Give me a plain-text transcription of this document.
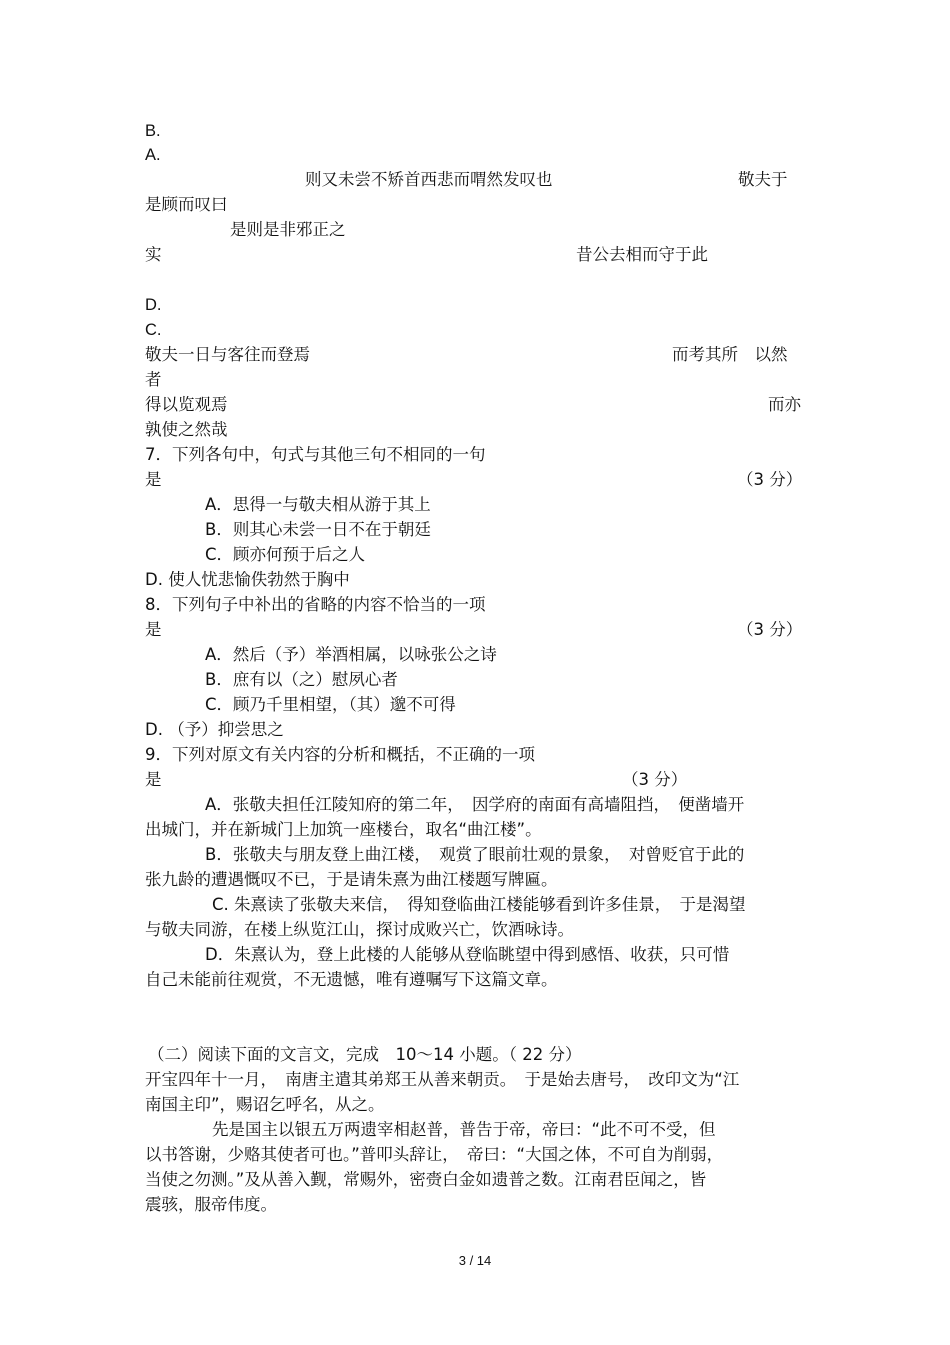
B.
A.
则又未尝不矫首西悲而喟然发叹也	敬夫于
是顾而叹曰
是则是非邪正之
实	昔公去相而守于此
D.
C.
敬夫一日与客往而登焉	而考其所　以然
者
得以览观焉	而亦
孰使之然哉
7．下列各句中，句式与其他三句不相同的一句
是	（3 分）
A．思得一与敬夫相从游于其上
B．则其心未尝一日不在于朝廷
C．顾亦何预于后之人
D. 使人忧悲愉佚勃然于胸中
8．下列句子中补出的省略的内容不恰当的一项
是	（3 分）
A．然后（予）举酒相属，以咏张公之诗
B．庶有以（之）慰夙心者
C．顾乃千里相望，（其）邈不可得
D. （予）抑尝思之
9．下列对原文有关内容的分析和概括，不正确的一项
是	（3 分）
A．张敬夫担任江陵知府的第二年，　因学府的南面有高墙阻挡，　便凿墙开
出城门，并在新城门上加筑一座楼台，取名“曲江楼”。
B．张敬夫与朋友登上曲江楼，　观赏了眼前壮观的景象，　对曾贬官于此的
张九龄的遭遇慨叹不已，于是请朱熹为曲江楼题写牌匾。
C. 朱熹读了张敬夫来信，　得知登临曲江楼能够看到许多佳景，　于是渴望
与敬夫同游，在楼上纵览江山，探讨成败兴亡，饮酒咏诗。
D．朱熹认为，登上此楼的人能够从登临眺望中得到感悟、收获，只可惜
自己未能前往观赏，不无遗憾，唯有遵嘱写下这篇文章。
（二）阅读下面的文言文，完成　10～14 小题。（ 22 分）
开宝四年十一月，　南唐主遣其弟郑王从善来朝贡。　于是始去唐号，　改印文为“江
南国主印”，赐诏乞呼名，从之。
先是国主以银五万两遗宰相赵普，普告于帝，帝曰：“此不可不受，但
以书答谢，少赂其使者可也。”普叩头辞让，　帝曰：“大国之体，不可自为削弱，
当使之勿测。”及从善入觐，常赐外，密赍白金如遗普之数。江南君臣闻之，皆
震骇，服帝伟度。
3 / 14
